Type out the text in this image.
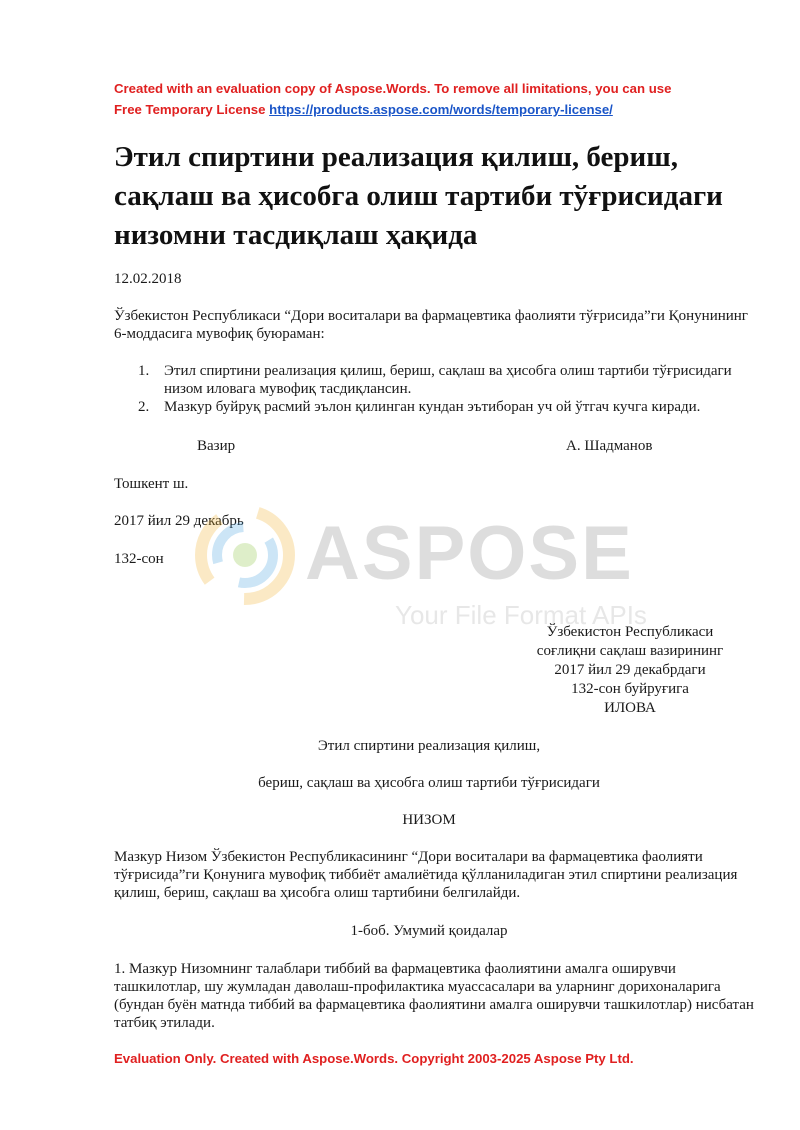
Created with an evaluation copy of Aspose.Words. To remove all limitations, you can use
Free Temporary License https://products.aspose.com/words/temporary-license/
Этил спиртини реализация қилиш, бериш, сақлаш ва ҳисобга олиш тартиби тўғрисидаги низомни тасдиқлаш ҳақида

12.02.2018

Ўзбекистон Республикаси “Дори воситалари ва фармацевтика фаолияти тўғрисида”ги Қонунининг 6-моддасига мувофиқ буюраман:

1. Этил спиртини реализация қилиш, бериш, сақлаш ва ҳисобга олиш тартиби тўғрисидаги низом иловага мувофиқ тасдиқлансин.
2. Мазкур буйруқ расмий эълон қилинган кундан эътиборан уч ой ўтгач кучга киради.
Вазир	А. Шадманов

Тошкент ш.

2017 йил 29 декабрь

132-сон ASPOSE
Your File Format APIs
Ўзбекистон Республикаси
соғлиқни сақлаш вазирининг
2017 йил 29 декабрдаги
132-сон буйруғига
ИЛОВА
Этил спиртини реализация қилиш,
бериш, сақлаш ва ҳисобга олиш тартиби тўғрисидаги
НИЗОМ

Мазкур Низом Ўзбекистон Республикасининг “Дори воситалари ва фармацевтика фаолияти тўғрисида”ги Қонунига мувофиқ тиббиёт амалиётида қўлланиладиган этил спиртини реализация қилиш, бериш, сақлаш ва ҳисобга олиш тартибини белгилайди.

1-боб. Умумий қоидалар

1. Мазкур Низомнинг талаблари тиббий ва фармацевтика фаолиятини амалга оширувчи ташкилотлар, шу жумладан даволаш-профилактика муассасалари ва уларнинг дорихоналарига (бундан буён матнда тиббий ва фармацевтика фаолиятини амалга оширувчи ташкилотлар) нисбатан татбиқ этилади.

Evaluation Only. Created with Aspose.Words. Copyright 2003-2025 Aspose Pty Ltd.
